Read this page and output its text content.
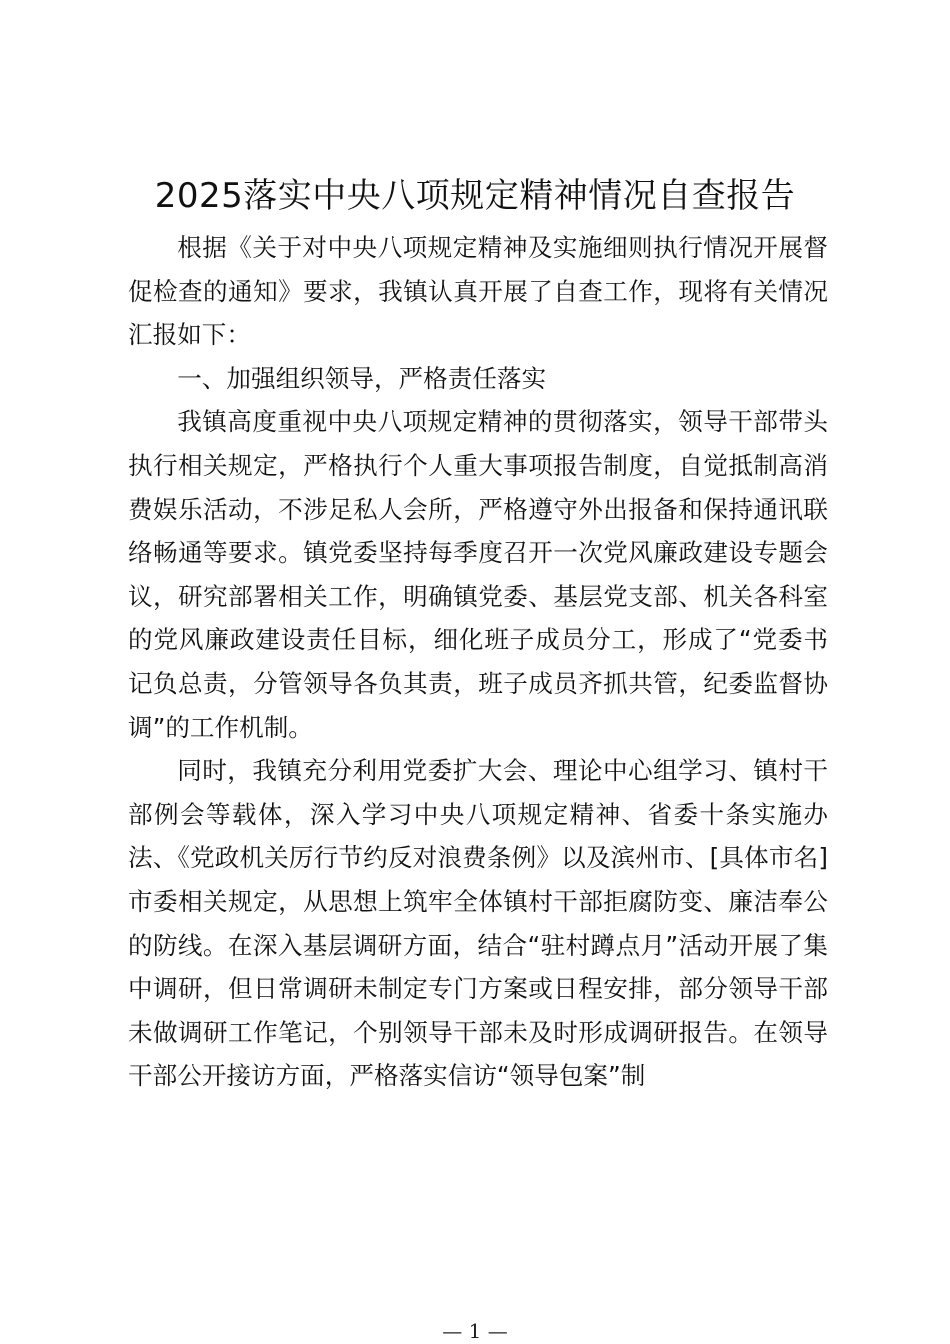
2025落实中央八项规定精神情况自查报告

根据《关于对中央八项规定精神及实施细则执行情况开展督促检查的通知》要求，我镇认真开展了自查工作，现将有关情况汇报如下：

一、加强组织领导，严格责任落实

我镇高度重视中央八项规定精神的贯彻落实，领导干部带头执行相关规定，严格执行个人重大事项报告制度，自觉抵制高消费娱乐活动，不涉足私人会所，严格遵守外出报备和保持通讯联络畅通等要求。镇党委坚持每季度召开一次党风廉政建设专题会议，研究部署相关工作，明确镇党委、基层党支部、机关各科室的党风廉政建设责任目标，细化班子成员分工，形成了“党委书记负总责，分管领导各负其责，班子成员齐抓共管，纪委监督协调”的工作机制。

同时，我镇充分利用党委扩大会、理论中心组学习、镇村干部例会等载体，深入学习中央八项规定精神、省委十条实施办法、《党政机关厉行节约反对浪费条例》以及滨州市、[具体市名]市委相关规定，从思想上筑牢全体镇村干部拒腐防变、廉洁奉公的防线。在深入基层调研方面，结合“驻村蹲点月”活动开展了集中调研，但日常调研未制定专门方案或日程安排，部分领导干部未做调研工作笔记，个别领导干部未及时形成调研报告。在领导干部公开接访方面，严格落实信访“领导包案”制

— 1 —
